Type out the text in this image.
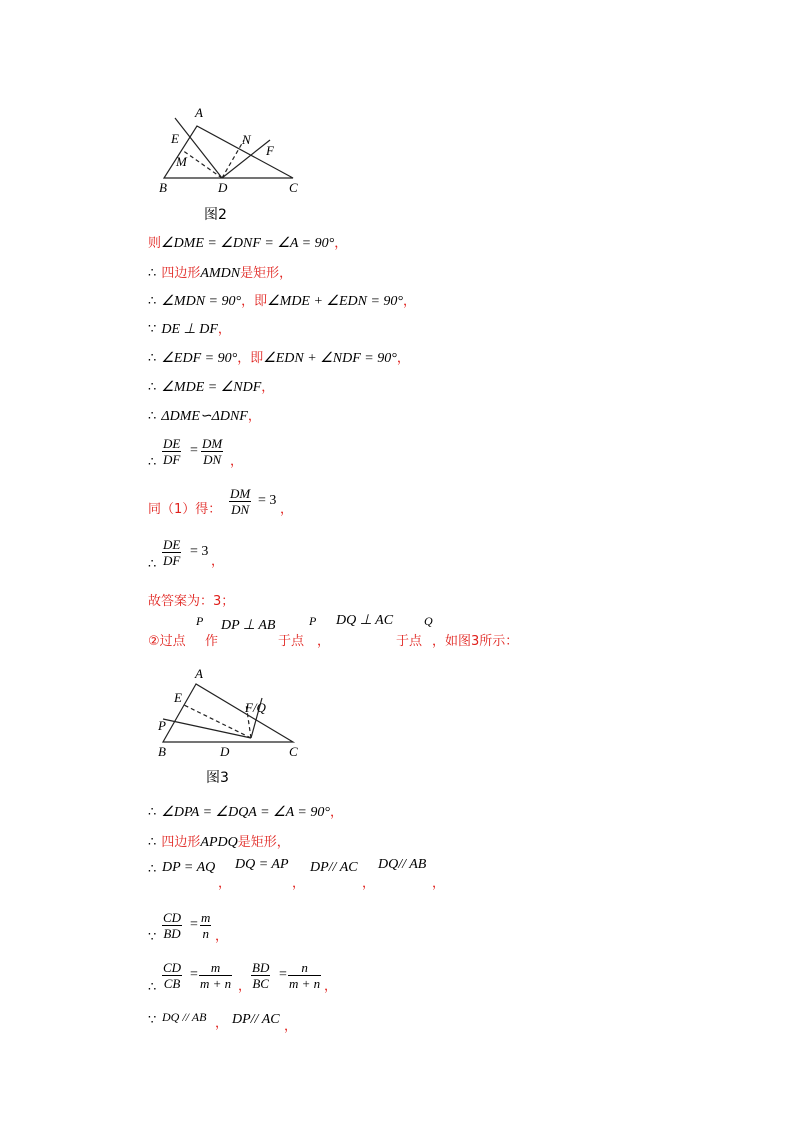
A
E
M
N
F
B	D	C
图2
则∠DME = ∠DNF = ∠A = 90°，
∴ 四边形AMDN是矩形，
∴ ∠MDN = 90°，即∠MDE + ∠EDN = 90°，
∵ DE ⊥ DF，
∴ ∠EDF = 90°，即∠EDN + ∠NDF = 90°，
∴ ∠MDE = ∠NDF，
∴ ΔDME∽ΔDNF，
∴ $\frac{DE}{DF} = \frac{DM}{DN}$ ，
同（1）得： $\frac{DM}{DN} = 3$
，
∴ $\frac{DE}{DF} = 3$
，
故答案为：3；
②过点
P
作
DP ⊥ AB
于点
P
，
DQ ⊥ AC
于点
Q
，如图3所示：
A
E
P
F/Q
B	D	C
图3
∴ ∠DPA = ∠DQA = ∠A = 90°，
∴ 四边形APDQ是矩形，
∴ DP = AQ
，
DQ = AP
，
DP// AC
，
DQ// AB
，
∵ $\frac{CD}{BD} = \frac{m}{n}$ ，
∴ $\frac{CD}{CB} = \frac{m}{m + n}$ ， $\frac{BD}{BC} = \frac{n}{m + n}$ ，
∵ DQ // AB ， DP// AC ，
